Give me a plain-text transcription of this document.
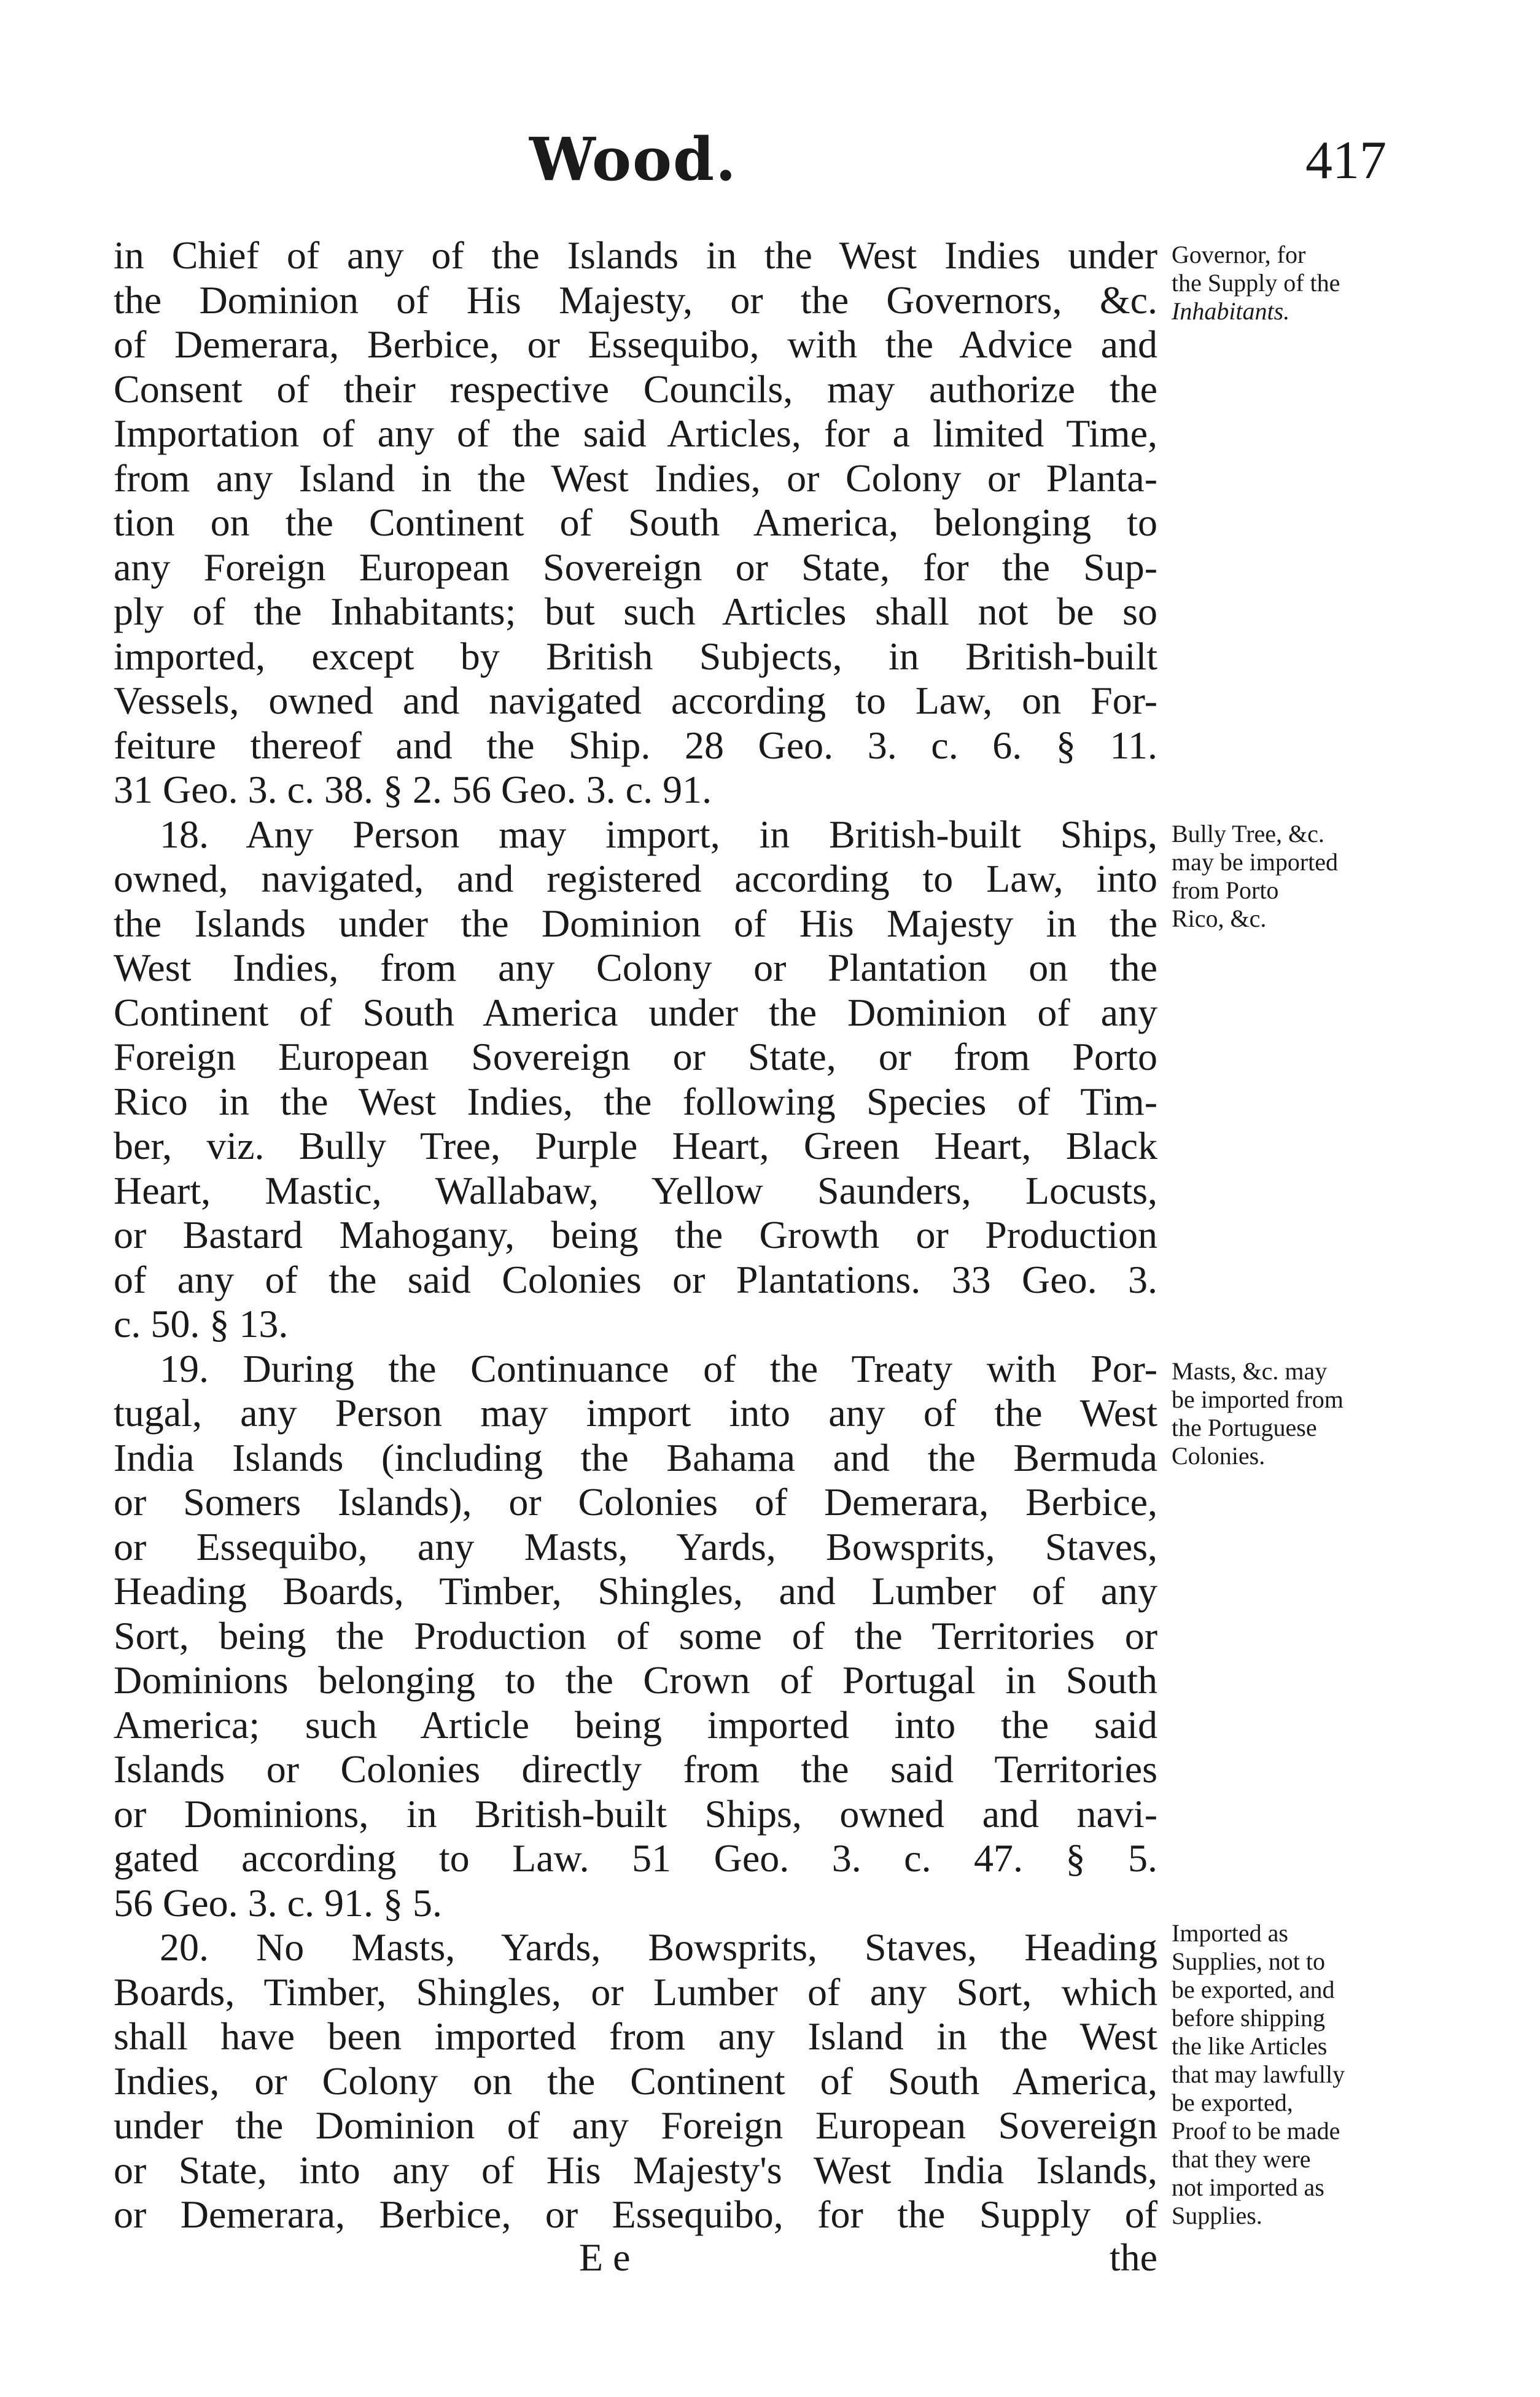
Wood.	417
in Chief of any of the Islands in the West Indies under
the Dominion of His Majesty, or the Governors, &c.
of Demerara, Berbice, or Essequibo, with the Advice and
Consent of their respective Councils, may authorize the
Importation of any of the said Articles, for a limited Time,
from any Island in the West Indies, or Colony or Planta-
tion on the Continent of South America, belonging to
any Foreign European Sovereign or State, for the Sup-
ply of the Inhabitants; but such Articles shall not be so
imported, except by British Subjects, in British-built
Vessels, owned and navigated according to Law, on For-
feiture thereof and the Ship. 28 Geo. 3. c. 6. § 11.
31 Geo. 3. c. 38. § 2. 56 Geo. 3. c. 91.
18. Any Person may import, in British-built Ships,
owned, navigated, and registered according to Law, into
the Islands under the Dominion of His Majesty in the
West Indies, from any Colony or Plantation on the
Continent of South America under the Dominion of any
Foreign European Sovereign or State, or from Porto
Rico in the West Indies, the following Species of Tim-
ber, viz. Bully Tree, Purple Heart, Green Heart, Black
Heart, Mastic, Wallabaw, Yellow Saunders, Locusts,
or Bastard Mahogany, being the Growth or Production
of any of the said Colonies or Plantations. 33 Geo. 3.
c. 50. § 13.
19. During the Continuance of the Treaty with Por-
tugal, any Person may import into any of the West
India Islands (including the Bahama and the Bermuda
or Somers Islands), or Colonies of Demerara, Berbice,
or Essequibo, any Masts, Yards, Bowsprits, Staves,
Heading Boards, Timber, Shingles, and Lumber of any
Sort, being the Production of some of the Territories or
Dominions belonging to the Crown of Portugal in South
America; such Article being imported into the said
Islands or Colonies directly from the said Territories
or Dominions, in British-built Ships, owned and navi-
gated according to Law. 51 Geo. 3. c. 47. § 5.
56 Geo. 3. c. 91. § 5.
20. No Masts, Yards, Bowsprits, Staves, Heading
Boards, Timber, Shingles, or Lumber of any Sort, which
shall have been imported from any Island in the West
Indies, or Colony on the Continent of South America,
under the Dominion of any Foreign European Sovereign
or State, into any of His Majesty's West India Islands,
or Demerara, Berbice, or Essequibo, for the Supply of
Governor, for
the Supply of the
Inhabitants.
Bully Tree, &c.
may be imported
from Porto
Rico, &c.
Masts, &c. may
be imported from
the Portuguese
Colonies.
Imported as
Supplies, not to
be exported, and
before shipping
the like Articles
that may lawfully
be exported,
Proof to be made
that they were
not imported as
Supplies.
E e	the
